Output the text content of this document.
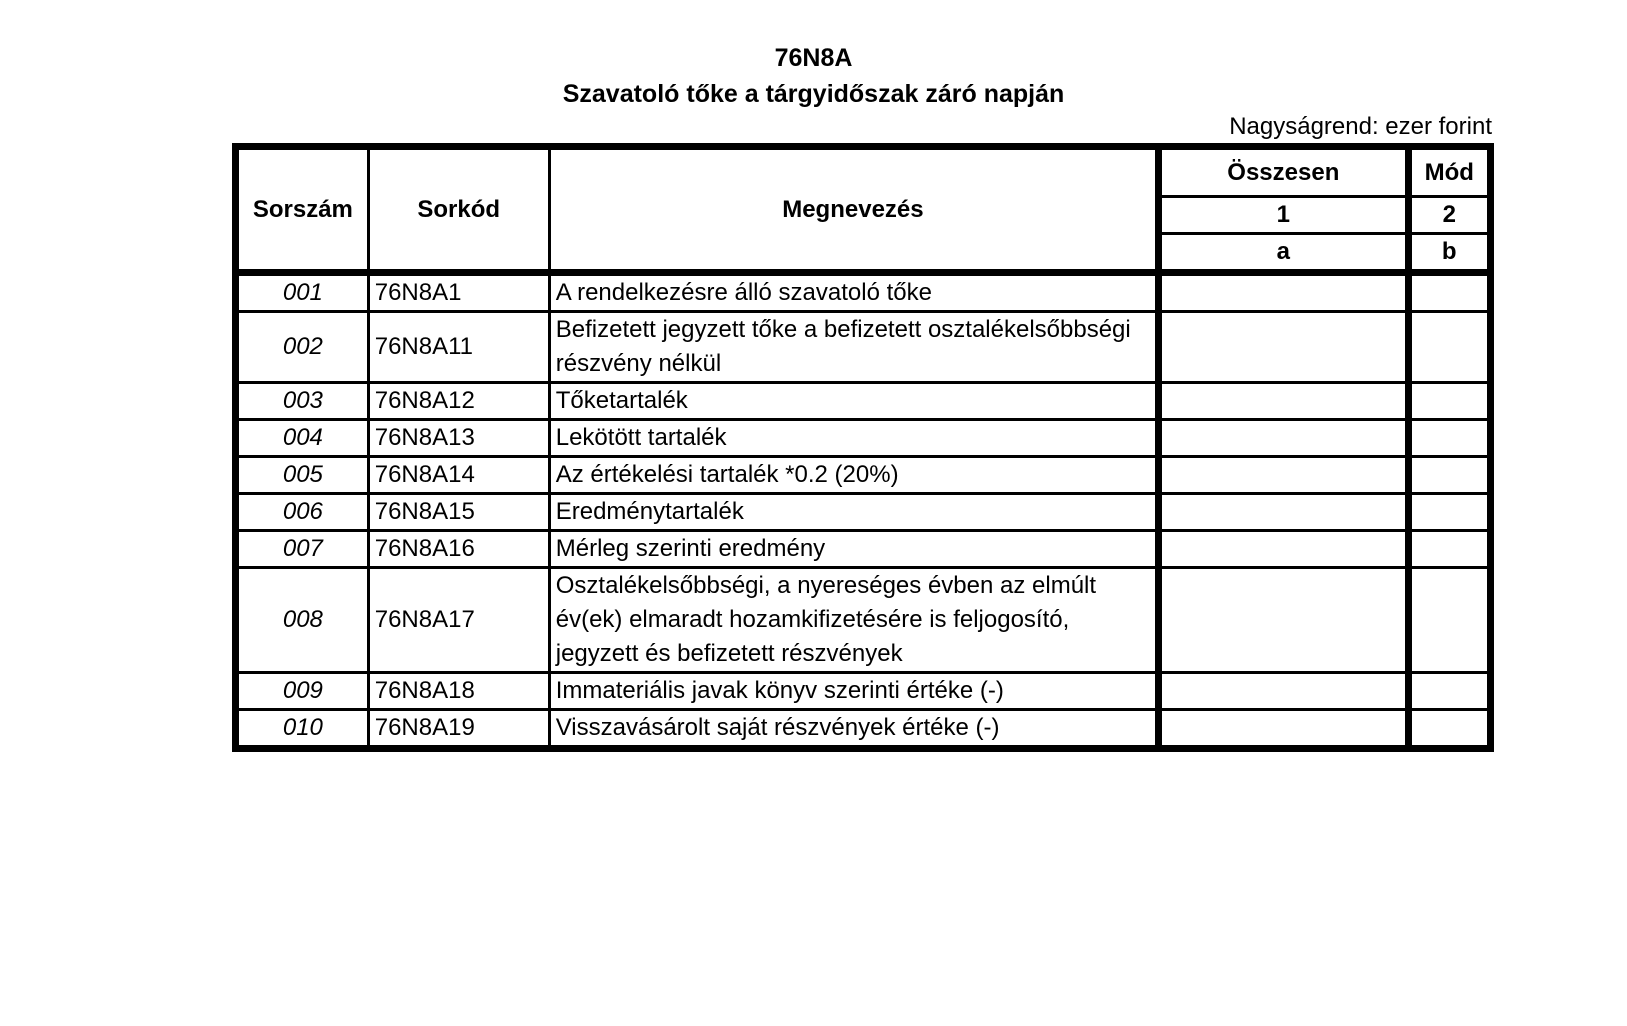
76N8A
Szavatoló tőke a tárgyidőszak záró napján
Nagyságrend: ezer forint
Sorszám	Sorkód	Megnevezés	Összesen	Mód
			1	2
			a	b
001	76N8A1	A rendelkezésre álló szavatoló tőke		
002	76N8A11	Befizetett jegyzett tőke a befizetett osztalékelsőbbségi részvény nélkül		
003	76N8A12	Tőketartalék		
004	76N8A13	Lekötött tartalék		
005	76N8A14	Az értékelési tartalék *0.2 (20%)		
006	76N8A15	Eredménytartalék		
007	76N8A16	Mérleg szerinti eredmény		
008	76N8A17	Osztalékelsőbbségi, a nyereséges évben az elmúlt év(ek) elmaradt hozamkifizetésére is feljogosító, jegyzett és befizetett részvények		
009	76N8A18	Immateriális javak könyv szerinti értéke (-)		
010	76N8A19	Visszavásárolt saját részvények értéke (-)		
